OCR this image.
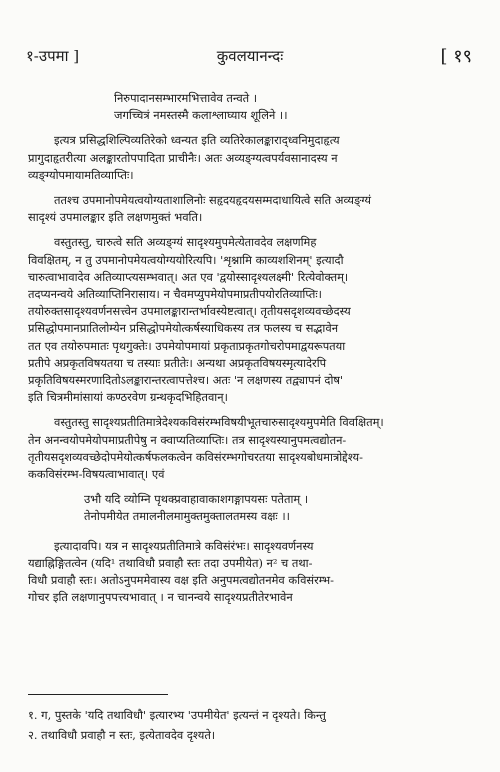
१-उपमा ]	कुवलयानन्दः	[ १९
निरुपादानसम्भारमभित्तावेव तन्वते ।
जगच्चित्रं नमस्तस्मै कलाश्लाघ्याय शूलिने ।।
इत्यत्र प्रसिद्धशिल्पिव्यतिरेको ध्वन्यत इति व्यतिरेकालङ्काराद्ध्वनिमुदाहृत्य
प्रागुदाहृतरीत्या अलङ्कारतोपपादिता प्राचीनैः। अतः अव्यङ्ग्यत्वपर्यवसानादस्य न
व्यङ्ग्योपमायामतिव्याप्तिः।
ततश्च उपमानोपमेयत्वयोग्यताशालिनोः सहृदयहृदयसम्मदाधायित्वे सति अव्यङ्ग्यं
सादृश्यं उपमालङ्कार इति लक्षणमुक्तं भवति।
वस्तुतस्तु, चारुत्वे सति अव्यङ्ग्यं सादृश्यमुपमेत्येतावदेव लक्षणमिह
विवक्षितम्, न तु उपमानोपमेयत्वयोग्ययोरित्यपि। 'शृश्नामि काव्यशशिनम्' इत्यादौ
चारुत्वाभावादेव अतिव्याप्त्यसम्भवात्। अत एव 'द्वयोस्सादृश्यलक्ष्मी' रित्येवोक्तम्।
तदप्यनन्वये अतिव्याप्तिनिरासाय। न चैवमप्युपमेयोपमाप्रतीपयोरतिव्याप्तिः।
तयोरुक्तसादृश्यवर्णनसत्त्वेन उपमालङ्कारान्तर्भावस्येष्टत्वात्। तृतीयसदृशव्यवच्छेदस्य
प्रसिद्धोपमानप्रातिलोम्येन प्रसिद्धोपमेयोत्कर्षस्याधिकस्य तत्र फलस्य च सद्भावेन
तत एव तयोरुपमातः पृथगुक्तेः। उपमेयोपमायां प्रकृताप्रकृतगोचरोपमाद्वयरूपतया
प्रतीपे अप्रकृतविषयतया च तस्याः प्रतीतेः। अन्यथा अप्रकृतविषयस्मृत्यादेरपि
प्रकृतिविषयस्मरणादितोऽलङ्कारान्तरत्वापत्तेश्च। अतः 'न लक्षणस्य तद्व्यापनं दोष'
इति चित्रमीमांसायां कण्ठरवेण ग्रन्थकृदभिहितवान्।
वस्तुतस्तु सादृश्यप्रतीतिमात्रेदेश्यकविसंरम्भविषयीभूतचारुसादृश्यमुपमेति विवक्षितम्।
तेन अनन्वयोपमेयोपमाप्रतीपेषु न क्वाप्यतिव्याप्तिः। तत्र सादृश्यस्यानुपमत्वद्योतन-
तृतीयसदृशव्यवच्छेदोपमेयोत्कर्षफलकत्वेन कविसंरम्भगोचरतया सादृश्यबोधमात्रोद्देश्य-
ककविसंरम्भ-विषयत्वाभावात्। एवं
उभौ यदि व्योम्नि पृथक्प्रवाहावाकाशगङ्गापयसः पतेताम् ।
तेनोपमीयेत तमालनीलमामुक्तमुक्तालतमस्य वक्षः ।।
इत्यादावपि। यत्र न सादृश्यप्रतीतिमात्रे कविसंरंभः। सादृश्यवर्णनस्य
यद्याह्निङ्गितत्वेन (यदि¹ तथाविधौ प्रवाहौ स्तः तदा उपमीयेत) न² च तथा-
विधौ प्रवाहौ स्तः। अतोऽनुपममेवास्य वक्ष इति अनुपमत्वद्योतनमेव कविसंरम्भ-
गोचर इति लक्षणानुपपत्त्यभावात् । न चानन्वये सादृश्यप्रतीतेरभावेन
१. ग, पुस्तके 'यदि तथाविधौ' इत्यारभ्य 'उपमीयेत' इत्यन्तं न दृश्यते। किन्तु
२. तथाविधौ प्रवाहौ न स्तः, इत्येतावदेव दृश्यते।
